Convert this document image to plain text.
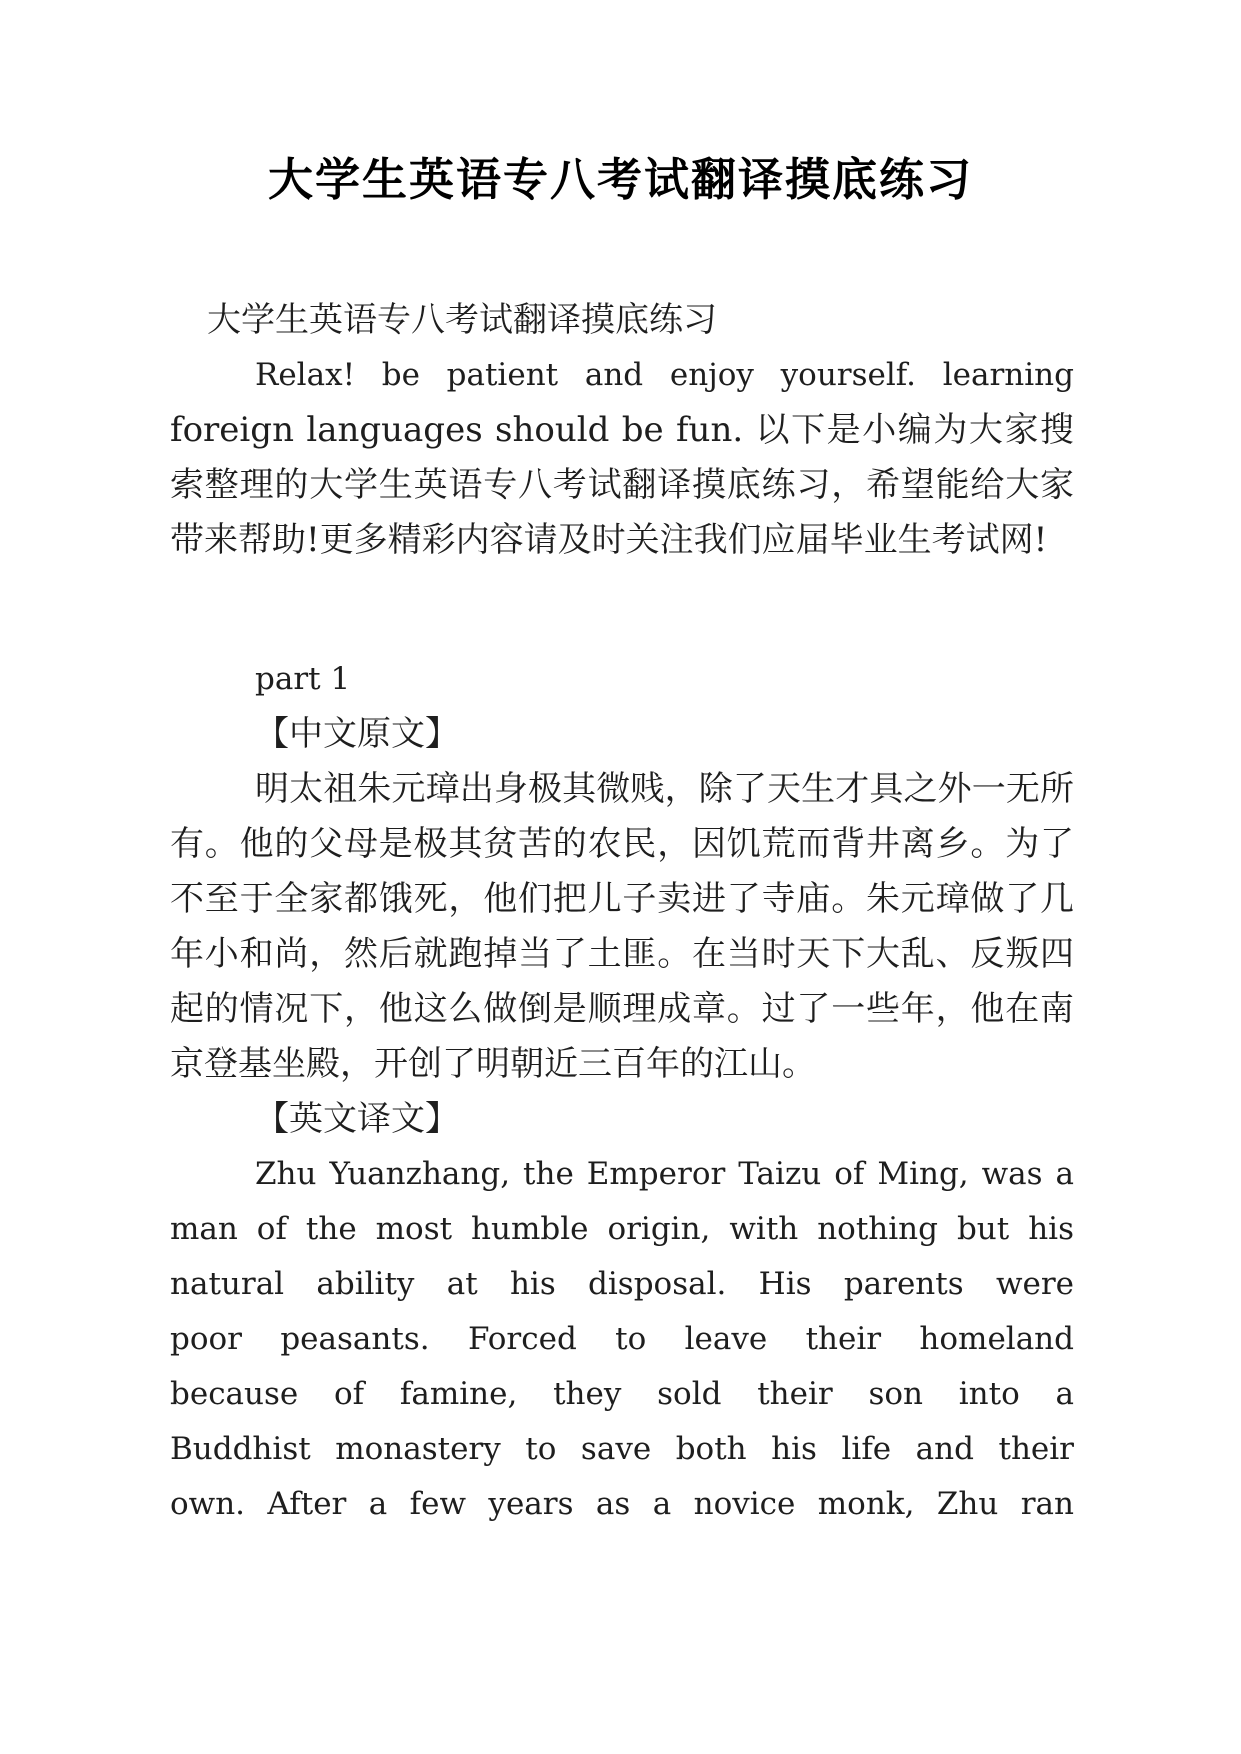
大学生英语专八考试翻译摸底练习
大学生英语专八考试翻译摸底练习
Relax! be patient and enjoy yourself. learning
foreign languages should be fun. 以下是小编为大家搜
索整理的大学生英语专八考试翻译摸底练习，希望能给大家
带来帮助!更多精彩内容请及时关注我们应届毕业生考试网!
part 1
【中文原文】
明太祖朱元璋出身极其微贱，除了天生才具之外一无所
有。他的父母是极其贫苦的农民，因饥荒而背井离乡。为了
不至于全家都饿死，他们把儿子卖进了寺庙。朱元璋做了几
年小和尚，然后就跑掉当了土匪。在当时天下大乱、反叛四
起的情况下，他这么做倒是顺理成章。过了一些年，他在南
京登基坐殿，开创了明朝近三百年的江山。
【英文译文】
Zhu Yuanzhang, the Emperor Taizu of Ming, was a
man of the most humble origin, with nothing but his
natural ability at his disposal. His parents were
poor peasants. Forced to leave their homeland
because of famine, they sold their son into a
Buddhist monastery to save both his life and their
own. After a few years as a novice monk, Zhu ran
